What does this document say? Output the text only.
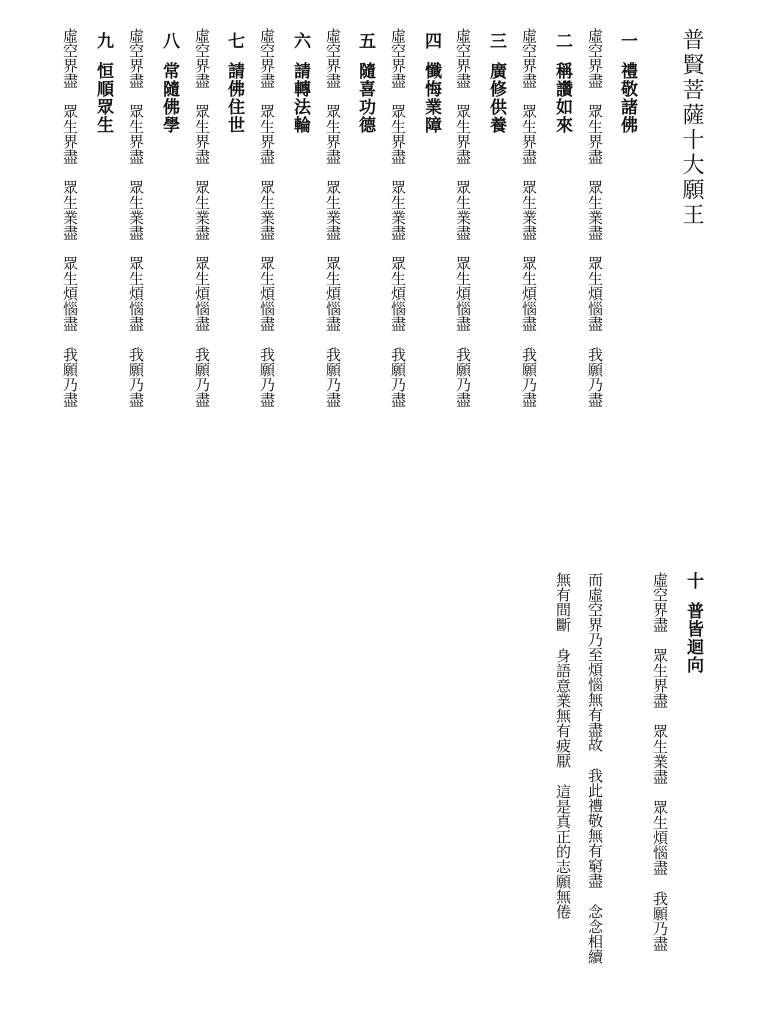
普賢菩薩十大願王
一禮敬諸佛
虛空界盡眾生界盡眾生業盡眾生煩惱盡我願乃盡
二稱讚如來
虛空界盡眾生界盡眾生業盡眾生煩惱盡我願乃盡
三廣修供養
虛空界盡眾生界盡眾生業盡眾生煩惱盡我願乃盡
四懺悔業障
虛空界盡眾生界盡眾生業盡眾生煩惱盡我願乃盡
五隨喜功德
虛空界盡眾生界盡眾生業盡眾生煩惱盡我願乃盡
六請轉法輪
虛空界盡眾生界盡眾生業盡眾生煩惱盡我願乃盡
七請佛住世
虛空界盡眾生界盡眾生業盡眾生煩惱盡我願乃盡
八常隨佛學
虛空界盡眾生界盡眾生業盡眾生煩惱盡我願乃盡
九恒順眾生
虛空界盡眾生界盡眾生業盡眾生煩惱盡我願乃盡
十普皆迴向
虛空界盡眾生界盡眾生業盡眾生煩惱盡我願乃盡
而虛空界乃至煩惱無有盡故我此禮敬無有窮盡念念相續
無有間斷身語意業無有疲厭這是真正的志願無倦
